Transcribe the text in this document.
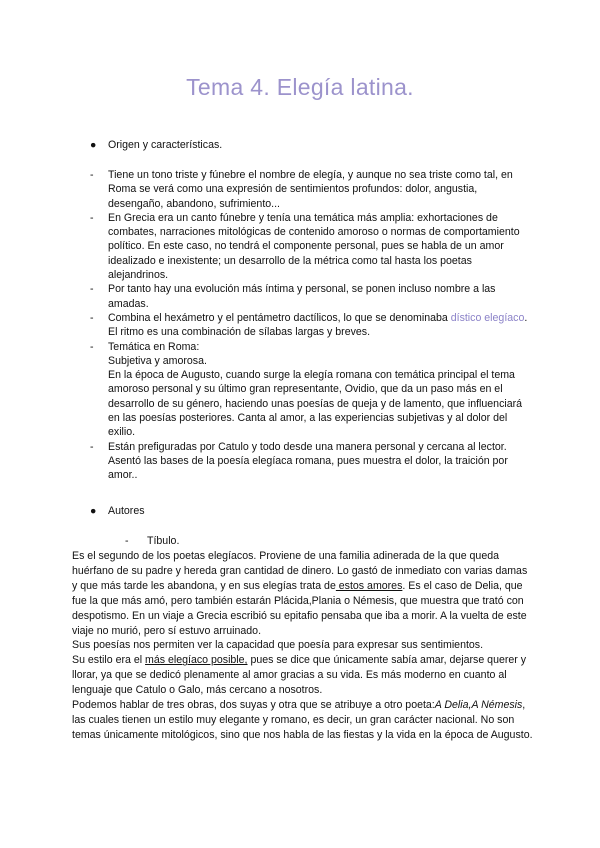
Tema 4. Elegía latina.
● Origen y características.
- Tiene un tono triste y fúnebre el nombre de elegía, y aunque no sea triste como tal, en Roma se verá como una expresión de sentimientos profundos: dolor, angustia, desengaño, abandono, sufrimiento...

- En Grecia era un canto fúnebre y tenía una temática más amplia: exhortaciones de combates, narraciones mitológicas de contenido amoroso o normas de comportamiento político. En este caso, no tendrá el componente personal, pues se habla de un amor idealizado e inexistente; un desarrollo de la métrica como tal hasta los poetas alejandrinos.

- Por tanto hay una evolución más íntima y personal, se ponen incluso nombre a las amadas.

- Combina el hexámetro y el pentámetro dactílicos, lo que se denominaba dístico elegíaco. El ritmo es una combinación de sílabas largas y breves.

- Temática en Roma:

Subjetiva y amorosa.

En la época de Augusto, cuando surge la elegía romana con temática principal el tema amoroso personal y su último gran representante, Ovidio, que da un paso más en el desarrollo de su género, haciendo unas poesías de queja y de lamento, que influenciará en las poesías posteriores. Canta al amor, a las experiencias subjetivas y al dolor del exilio.

- Están prefiguradas por Catulo y todo desde una manera personal y cercana al lector. Asentó las bases de la poesía elegíaca romana, pues muestra el dolor, la traición por amor..

● Autores
- Tíbulo.

Es el segundo de los poetas elegíacos. Proviene de una familia adinerada de la que queda huérfano de su padre y hereda gran cantidad de dinero. Lo gastó de inmediato con varias damas y que más tarde les abandona, y en sus elegías trata de estos amores. Es el caso de Delia, que fue la que más amó, pero también estarán Plácida,Plania o Némesis, que muestra que trató con despotismo. En un viaje a Grecia escribió su epitafio pensaba que iba a morir. A la vuelta de este viaje no murió, pero sí estuvo arruinado.

Sus poesías nos permiten ver la capacidad que poesía para expresar sus sentimientos.

Su estilo era el más elegíaco posible, pues se dice que únicamente sabía amar, dejarse querer y llorar, ya que se dedicó plenamente al amor gracias a su vida. Es más moderno en cuanto al lenguaje que Catulo o Galo, más cercano a nosotros.

Podemos hablar de tres obras, dos suyas y otra que se atribuye a otro poeta:A Delia,A Némesis, las cuales tienen un estilo muy elegante y romano, es decir, un gran carácter nacional. No son temas únicamente mitológicos, sino que nos habla de las fiestas y la vida en la época de Augusto.
